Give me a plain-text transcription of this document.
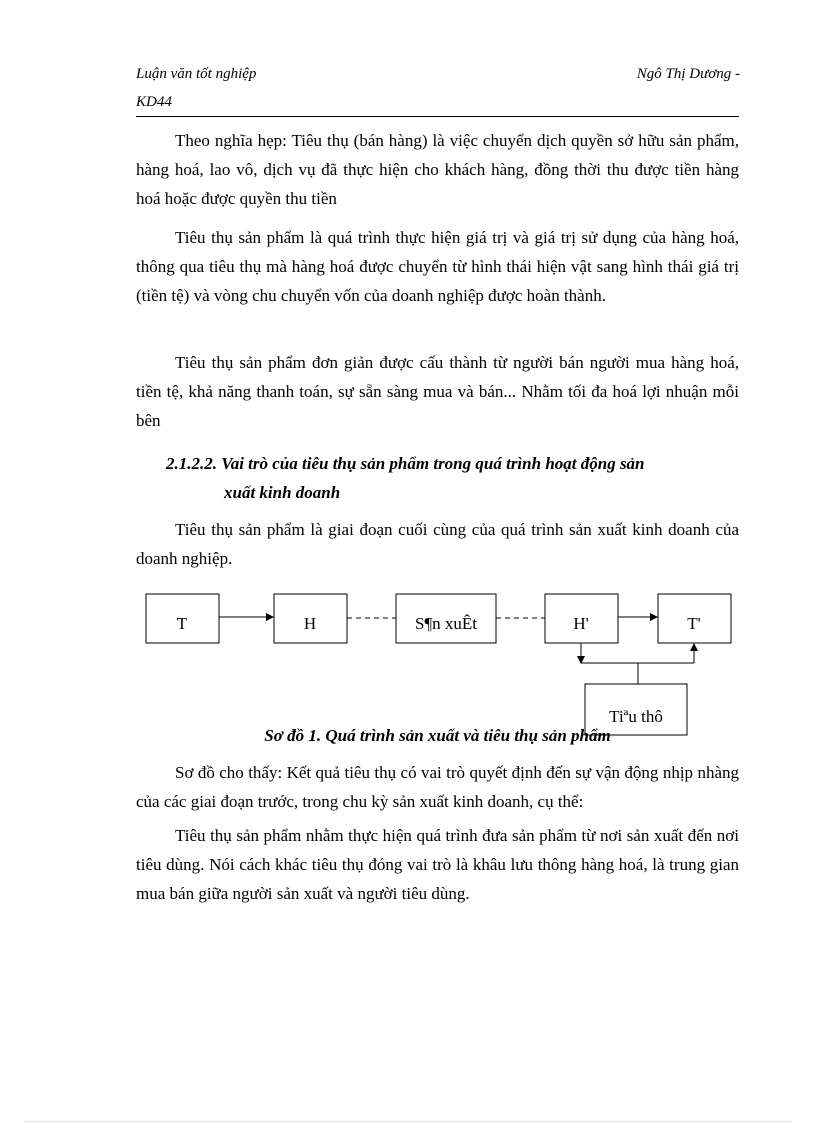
Luận văn tốt nghiệp	Ngô Thị Dương -
KD44

Theo nghĩa hẹp: Tiêu thụ (bán hàng) là việc chuyển dịch quyền sở hữu sản phẩm, hàng hoá, lao vô, dịch vụ đã thực hiện cho khách hàng, đồng thời thu được tiền hàng hoá hoặc được quyền thu tiền

Tiêu thụ sản phẩm là quá trình thực hiện giá trị và giá trị sử dụng của hàng hoá, thông qua tiêu thụ mà hàng hoá được chuyển từ hình thái hiện vật sang hình thái giá trị (tiền tệ) và vòng chu chuyển vốn của doanh nghiệp được hoàn thành.

Tiêu thụ sản phẩm đơn giản được cấu thành từ người bán người mua hàng hoá, tiền tệ, khả năng thanh toán, sự sẵn sàng mua và bán... Nhằm tối đa hoá lợi nhuận mỗi bên

2.1.2.2. Vai trò của tiêu thụ sản phẩm trong quá trình hoạt động sản
xuất kinh doanh

Tiêu thụ sản phẩm là giai đoạn cuối cùng của quá trình sản xuất kinh doanh của doanh nghiệp.

T	H	S¶n xuÊt	H'	T'
Tiªu thô

Sơ đồ 1. Quá trình sản xuất và tiêu thụ sản phẩm

Sơ đồ cho thấy: Kết quả tiêu thụ có vai trò quyết định đến sự vận động nhịp nhàng của các giai đoạn trước, trong chu kỳ sản xuất kinh doanh, cụ thể:

Tiêu thụ sản phẩm nhằm thực hiện quá trình đưa sản phẩm từ nơi sản xuất đến nơi tiêu dùng. Nói cách khác tiêu thụ đóng vai trò là khâu lưu thông hàng hoá, là trung gian mua bán giữa người sản xuất và người tiêu dùng.
